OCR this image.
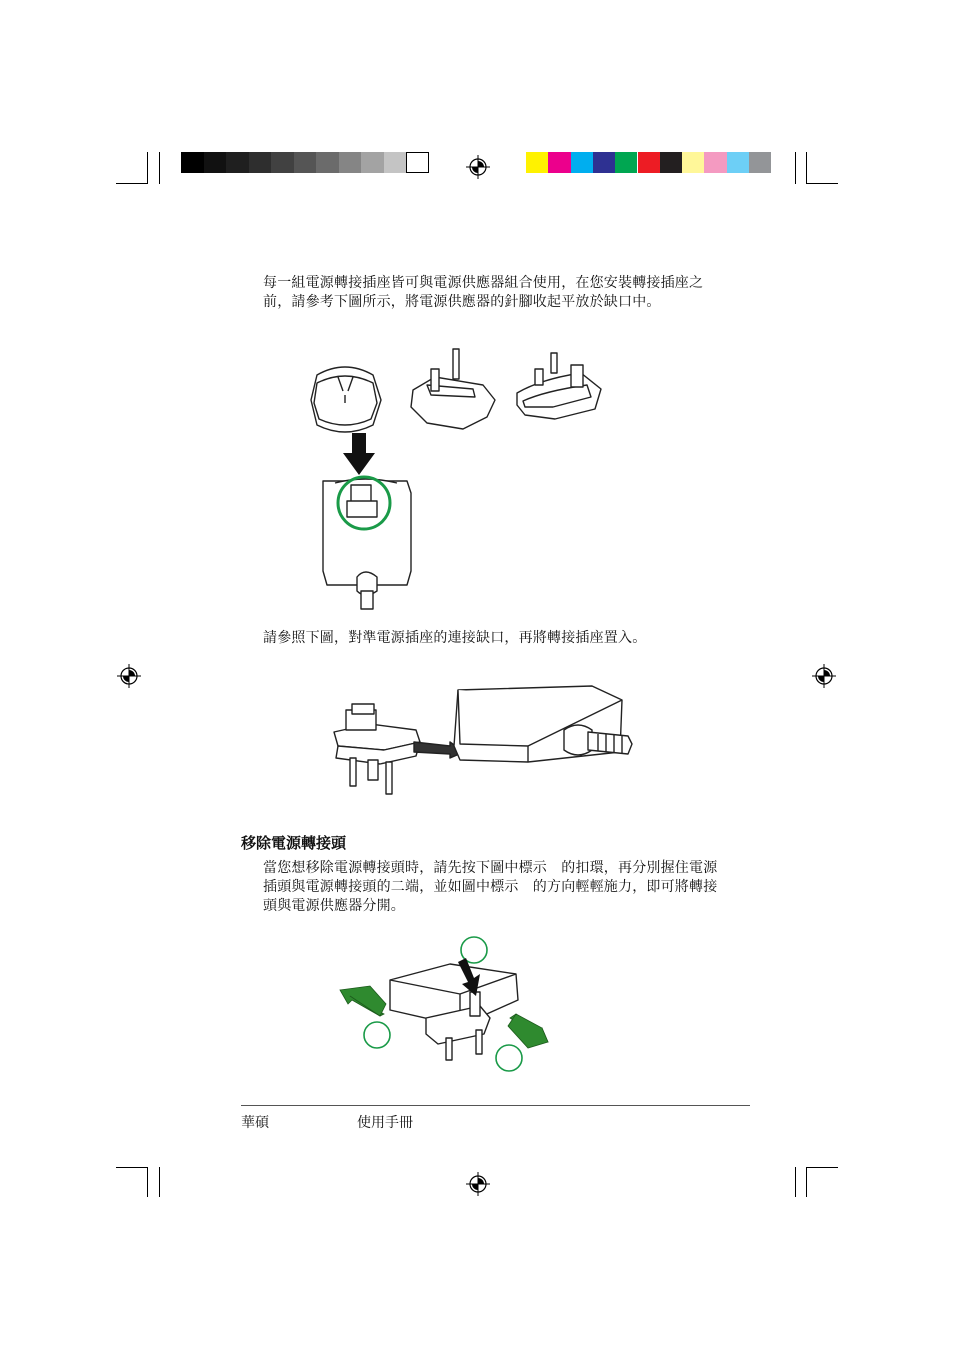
每一組電源轉接插座皆可與電源供應器組合使用，在您安裝轉接插座之前，請參考下圖所示，將電源供應器的針腳收起平放於缺口中。
請參照下圖，對準電源插座的連接缺口，再將轉接插座置入。
移除電源轉接頭
當您想移除電源轉接頭時，請先按下圖中標示　的扣環，再分別握住電源插頭與電源轉接頭的二端，並如圖中標示　的方向輕輕施力，即可將轉接頭與電源供應器分開。
華碩	使用手冊
